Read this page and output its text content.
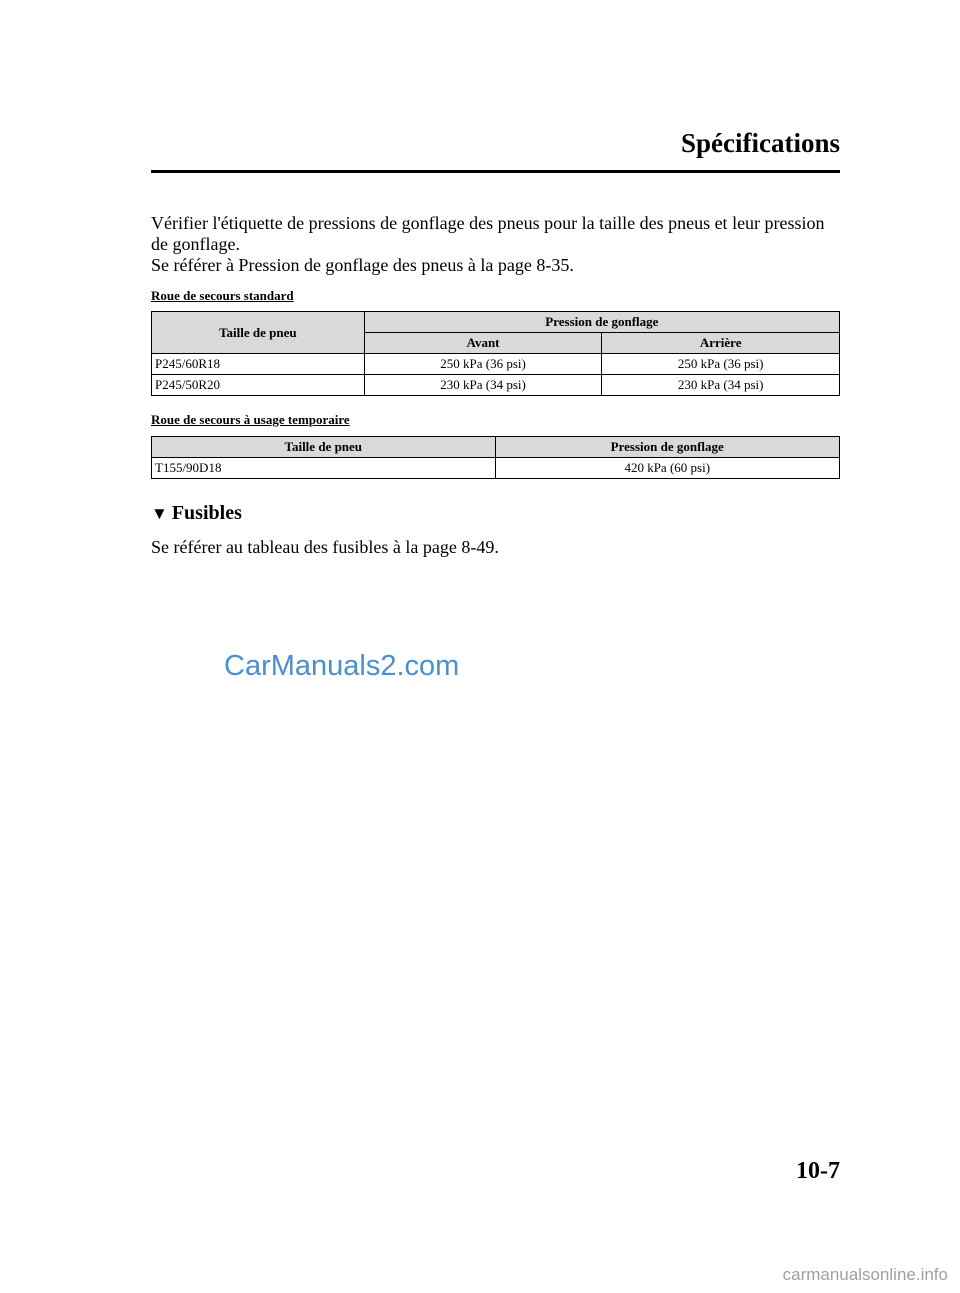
Spécifications

Vérifier l'étiquette de pressions de gonflage des pneus pour la taille des pneus et leur pression de gonflage.

Se référer à Pression de gonflage des pneus à la page 8-35.

Roue de secours standard
Taille de pneu	Pression de gonflage	
	Avant	Arrière
P245/60R18	250 kPa (36 psi)	250 kPa (36 psi)
P245/50R20	230 kPa (34 psi)	230 kPa (34 psi)
Roue de secours à usage temporaire
Taille de pneu	Pression de gonflage
T155/90D18	420 kPa (60 psi)
▼ Fusibles
Se référer au tableau des fusibles à la page 8-49.
CarManuals2.com
10-7
carmanualsonline.info
